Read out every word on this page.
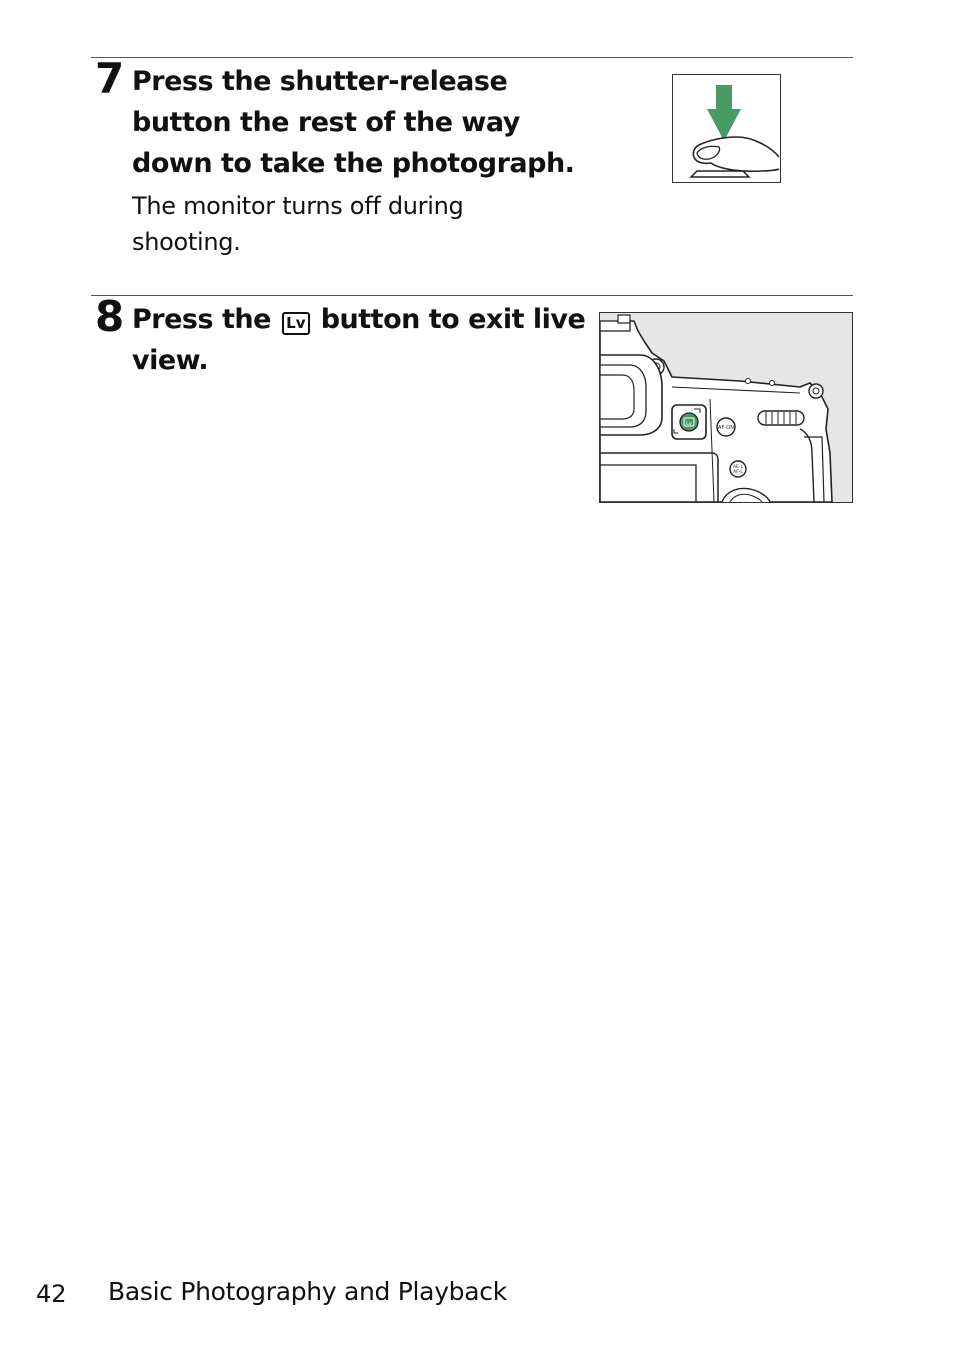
7 Press the shutter-release
button the rest of the way
down to take the photograph.
The monitor turns off during
shooting.
8 Press the Lv button to exit live
view.
Lv
AF-ON
AE-L
AF-L
42 Basic Photography and Playback
